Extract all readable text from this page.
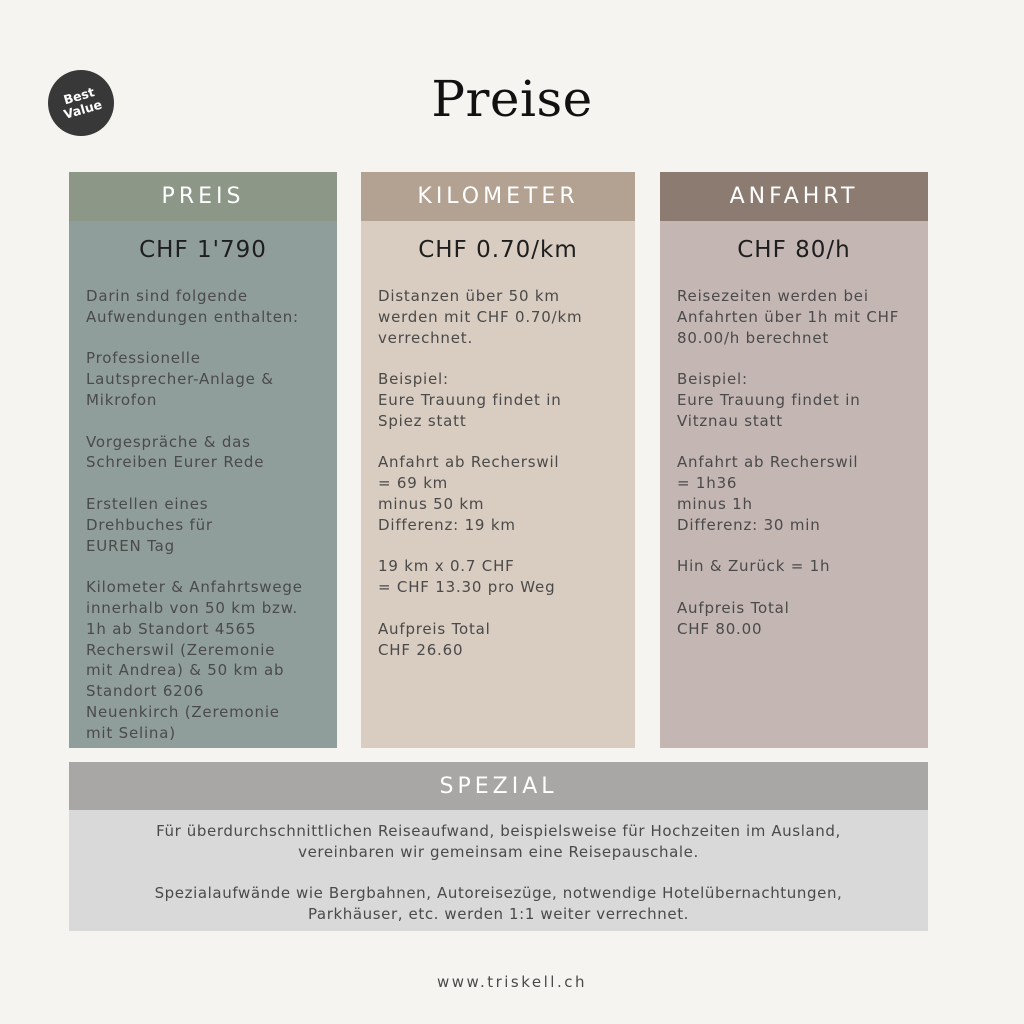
Best Value	Preise
PREIS
CHF 1'790

Darin sind folgende
Aufwendungen enthalten:

Professionelle
Lautsprecher-Anlage &
Mikrofon

Vorgespräche & das
Schreiben Eurer Rede

Erstellen eines
Drehbuches für
EUREN Tag

Kilometer & Anfahrtswege
innerhalb von 50 km bzw.
1h ab Standort 4565
Recherswil (Zeremonie
mit Andrea) & 50 km ab
Standort 6206
Neuenkirch (Zeremonie
mit Selina)

KILOMETER
CHF 0.70/km

Distanzen über 50 km
werden mit CHF 0.70/km
verrechnet.

Beispiel:
Eure Trauung findet in
Spiez statt

Anfahrt ab Recherswil
= 69 km
minus 50 km
Differenz: 19 km

19 km x 0.7 CHF
= CHF 13.30 pro Weg

Aufpreis Total
CHF 26.60

ANFAHRT
CHF 80/h

Reisezeiten werden bei
Anfahrten über 1h mit CHF
80.00/h berechnet

Beispiel:
Eure Trauung findet in
Vitznau statt

Anfahrt ab Recherswil
= 1h36
minus 1h
Differenz: 30 min

Hin & Zurück = 1h

Aufpreis Total
CHF 80.00

SPEZIAL

Für überdurchschnittlichen Reiseaufwand, beispielsweise für Hochzeiten im Ausland,
vereinbaren wir gemeinsam eine Reisepauschale.

Spezialaufwände wie Bergbahnen, Autoreisezüge, notwendige Hotelübernachtungen,
Parkhäuser, etc. werden 1:1 weiter verrechnet.

www.triskell.ch
